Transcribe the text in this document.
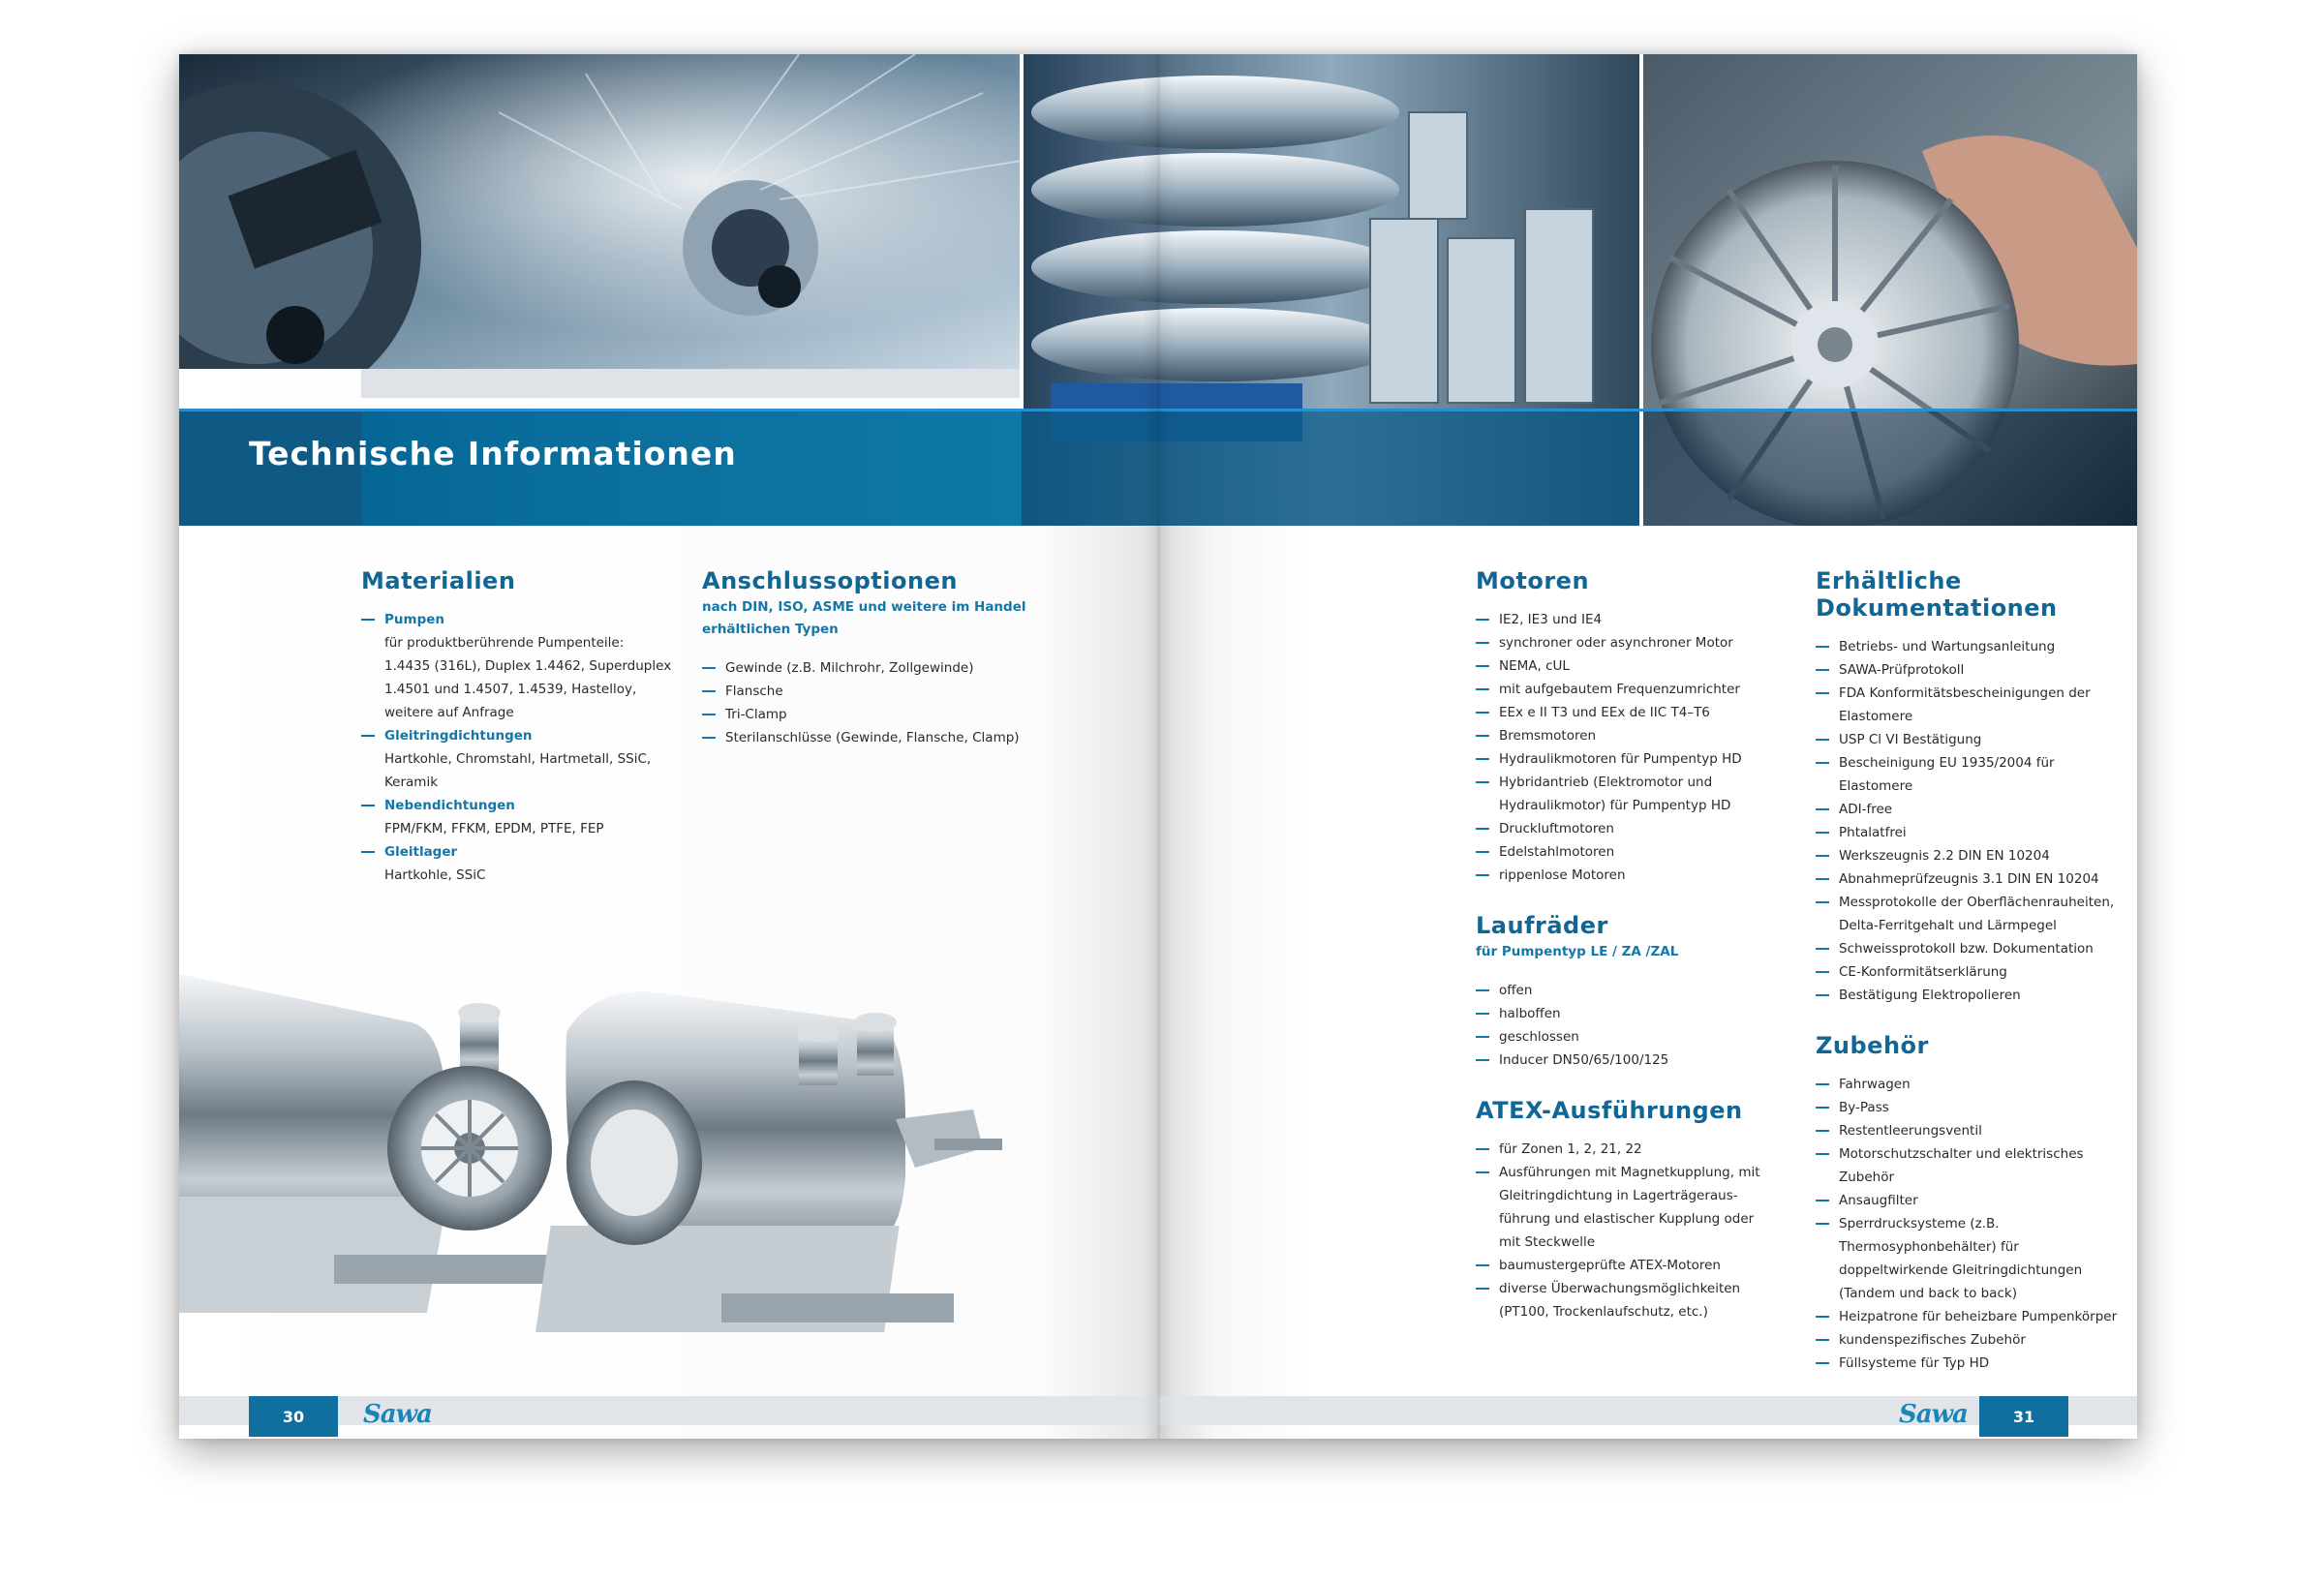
Technische Informationen
Materialien
Pumpen
für produktberührende Pumpenteile:
1.4435 (316L), Duplex 1.4462, Superduplex
1.4501 und 1.4507, 1.4539, Hastelloy,
weitere auf Anfrage
Gleitringdichtungen
Hartkohle, Chromstahl, Hartmetall, SSiC,
Keramik
Nebendichtungen
FPM/FKM, FFKM, EPDM, PTFE, FEP
Gleitlager
Hartkohle, SSiC
Anschlussoptionen

nach DIN, ISO, ASME und weitere im Handel
erhältlichen Typen

Gewinde (z.B. Milchrohr, Zollgewinde)
Flansche
Tri-Clamp
Sterilanschlüsse (Gewinde, Flansche, Clamp)
30	Sawa
Motoren
IE2, IE3 und IE4
synchroner oder asynchroner Motor
NEMA, cUL
mit aufgebautem Frequenzumrichter
EEx e II T3 und EEx de IIC T4–T6
Bremsmotoren
Hydraulikmotoren für Pumpentyp HD
Hybridantrieb (Elektromotor und Hydraulikmotor) für Pumpentyp HD
Druckluftmotoren
Edelstahlmotoren
rippenlose Motoren
Laufräder

für Pumpentyp LE / ZA /ZAL

offen
halboffen
geschlossen
Inducer DN50/65/100/125
ATEX-Ausführungen
für Zonen 1, 2, 21, 22
Ausführungen mit Magnetkupplung, mit Gleitringdichtung in Lagerträgeraus-führung und elastischer Kupplung oder mit Steckwelle
baumustergeprüfte ATEX-Motoren
diverse Überwachungsmöglichkeiten (PT100, Trockenlaufschutz, etc.)
Erhältliche Dokumentationen
Betriebs- und Wartungsanleitung
SAWA-Prüfprotokoll
FDA Konformitätsbescheinigungen der Elastomere
USP Cl VI Bestätigung
Bescheinigung EU 1935/2004 für Elastomere
ADI-free
Phtalatfrei
Werkszeugnis 2.2 DIN EN 10204
Abnahmeprüfzeugnis 3.1 DIN EN 10204
Messprotokolle der Oberflächenrauheiten, Delta-Ferritgehalt und Lärmpegel
Schweissprotokoll bzw. Dokumentation
CE-Konformitätserklärung
Bestätigung Elektropolieren
Zubehör
Fahrwagen
By-Pass
Restentleerungsventil
Motorschutzschalter und elektrisches Zubehör
Ansaugfilter
Sperrdrucksysteme (z.B. Thermosyphonbehälter) für doppeltwirkende Gleitringdichtungen (Tandem und back to back)
Heizpatrone für beheizbare Pumpenkörper
kundenspezifisches Zubehör
Füllsysteme für Typ HD
Sawa	31
